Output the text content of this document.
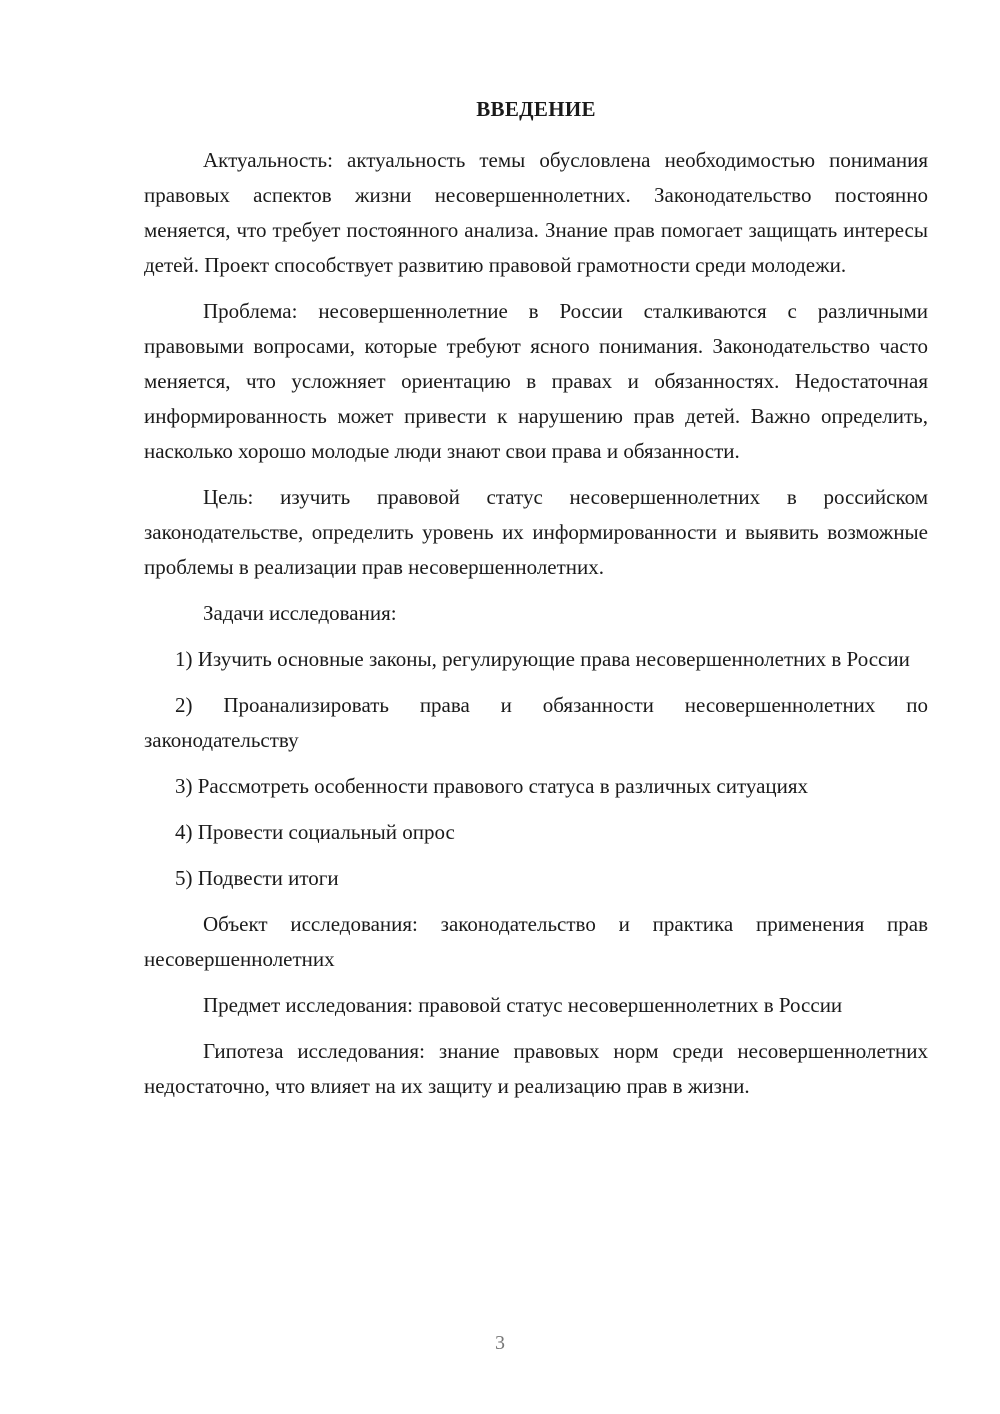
ВВЕДЕНИЕ

Актуальность: актуальность темы обусловлена необходимостью понимания правовых аспектов жизни несовершеннолетних. Законодательство постоянно меняется, что требует постоянного анализа. Знание прав помогает защищать интересы детей. Проект способствует развитию правовой грамотности среди молодежи.

Проблема: несовершеннолетние в России сталкиваются с различными правовыми вопросами, которые требуют ясного понимания. Законодательство часто меняется, что усложняет ориентацию в правах и обязанностях. Недостаточная информированность может привести к нарушению прав детей. Важно определить, насколько хорошо молодые люди знают свои права и обязанности.

Цель: изучить правовой статус несовершеннолетних в российском законодательстве, определить уровень их информированности и выявить возможные проблемы в реализации прав несовершеннолетних.

Задачи исследования:

1) Изучить основные законы, регулирующие права несовершеннолетних в России

2) Проанализировать права и обязанности несовершеннолетних по законодательству

3) Рассмотреть особенности правового статуса в различных ситуациях

4) Провести социальный опрос

5) Подвести итоги

Объект исследования: законодательство и практика применения прав несовершеннолетних

Предмет исследования: правовой статус несовершеннолетних в России

Гипотеза исследования: знание правовых норм среди несовершеннолетних недостаточно, что влияет на их защиту и реализацию прав в жизни.

3
